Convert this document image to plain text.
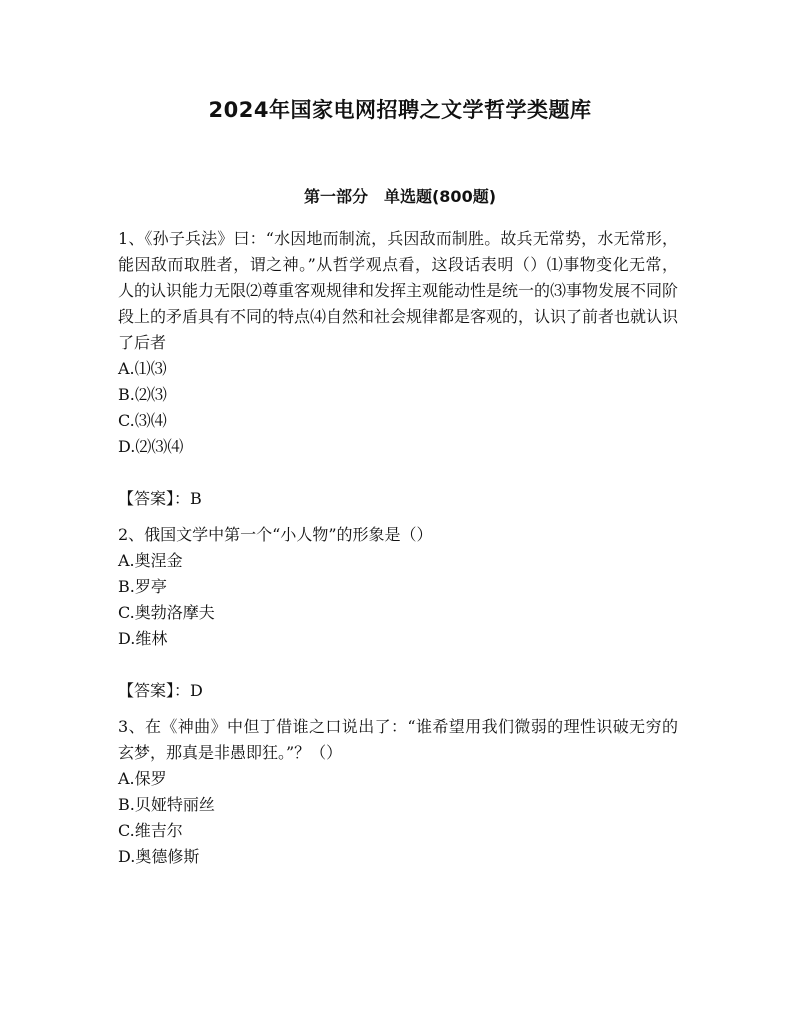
2024年国家电网招聘之文学哲学类题库
第一部分　单选题(800题)

1、《孙子兵法》曰：“水因地而制流，兵因敌而制胜。故兵无常势，水无常形，能因敌而取胜者，谓之神。”从哲学观点看，这段话表明（）⑴事物变化无常，人的认识能力无限⑵尊重客观规律和发挥主观能动性是统一的⑶事物发展不同阶段上的矛盾具有不同的特点⑷自然和社会规律都是客观的，认识了前者也就认识了后者

A.⑴⑶
B.⑵⑶
C.⑶⑷
D.⑵⑶⑷
【答案】：B

2、俄国文学中第一个“小人物”的形象是（）

A.奥涅金
B.罗亭
C.奥勃洛摩夫
D.维林
【答案】：D

3、在《神曲》中但丁借谁之口说出了：“谁希望用我们微弱的理性识破无穷的玄梦，那真是非愚即狂。”？（）

A.保罗
B.贝娅特丽丝
C.维吉尔
D.奥德修斯
